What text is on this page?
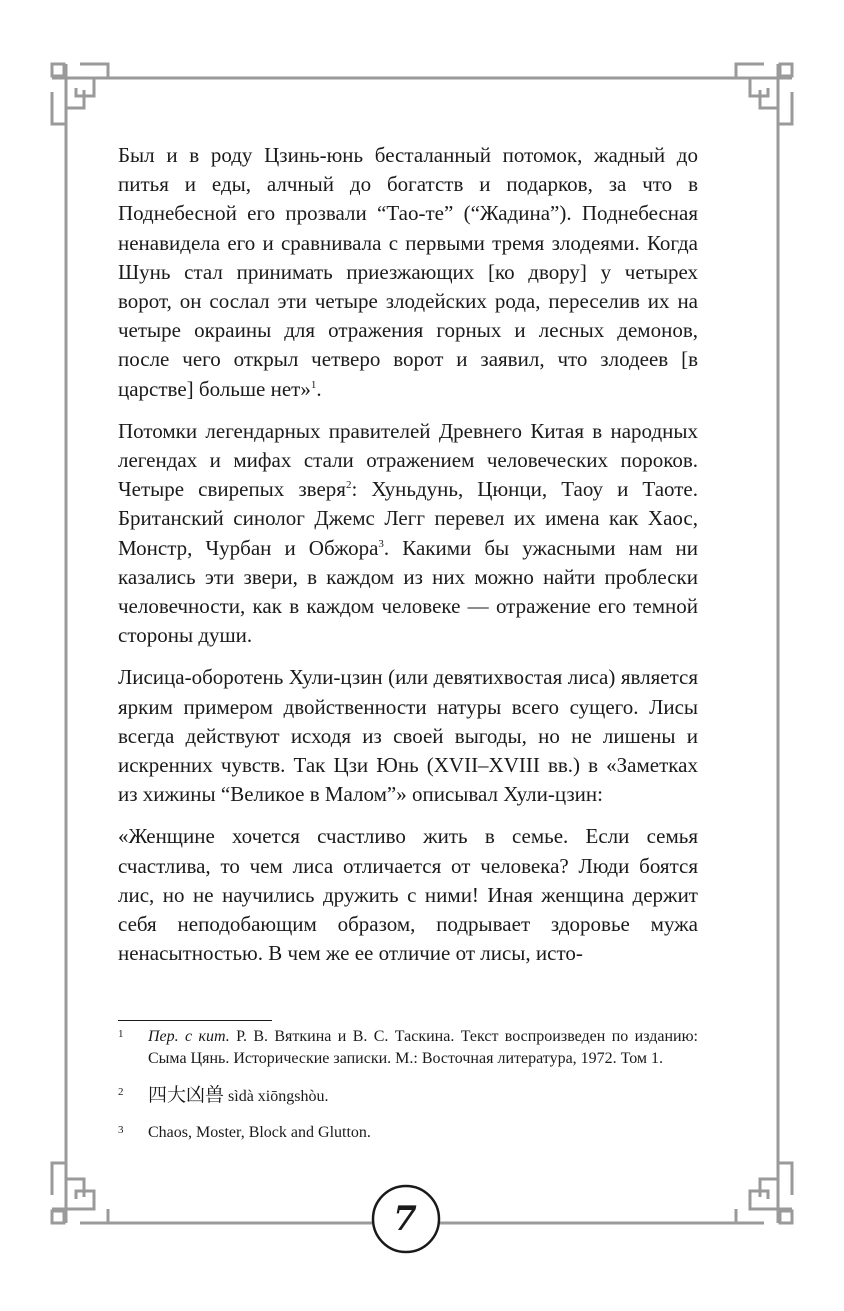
Был и в роду Цзинь-юнь бесталанный потомок, жадный до питья и еды, алчный до богатств и подарков, за что в Поднебесной его прозвали “Тао-те” (“Жадина”). Поднебесная ненавидела его и сравнивала с первыми тремя злодеями. Когда Шунь стал принимать приезжающих [ко двору] у четырех ворот, он сослал эти четыре злодейских рода, переселив их на четыре окраины для отражения горных и лесных демонов, после чего открыл четверо ворот и заявил, что злодеев [в царстве] больше нет»$^1$.

Потомки легендарных правителей Древнего Китая в народных легендах и мифах стали отражением человеческих пороков. Четыре свирепых зверя$^2$: Хуньдунь, Цюнци, Таоу и Таоте. Британский синолог Джемс Легг перевел их имена как Хаос, Монстр, Чурбан и Обжора$^3$. Какими бы ужасными нам ни казались эти звери, в каждом из них можно найти проблески человечности, как в каждом человеке — отражение его темной стороны души.

Лисица-оборотень Хули-цзин (или девятихвостая лиса) является ярким примером двойственности натуры всего сущего. Лисы всегда действуют исходя из своей выгоды, но не лишены и искренних чувств. Так Цзи Юнь (XVII–XVIII вв.) в «Заметках из хижины “Великое в Малом”» описывал Хули-цзин:

«Женщине хочется счастливо жить в семье. Если семья счастлива, то чем лиса отличается от человека? Люди боятся лис, но не научились дружить с ними! Иная женщина держит себя неподобающим образом, подрывает здоровье мужа ненасытностью. В чем же ее отличие от лисы, исто-

1 Пер. с кит. Р. В. Вяткина и В. С. Таскина. Текст воспроизведен по изданию: Сыма Цянь. Исторические записки. М.: Восточная литература, 1972. Том 1.
2 四大凶兽 sìdà xiōngshòu.
3 Chaos, Moster, Block and Glutton.
7
